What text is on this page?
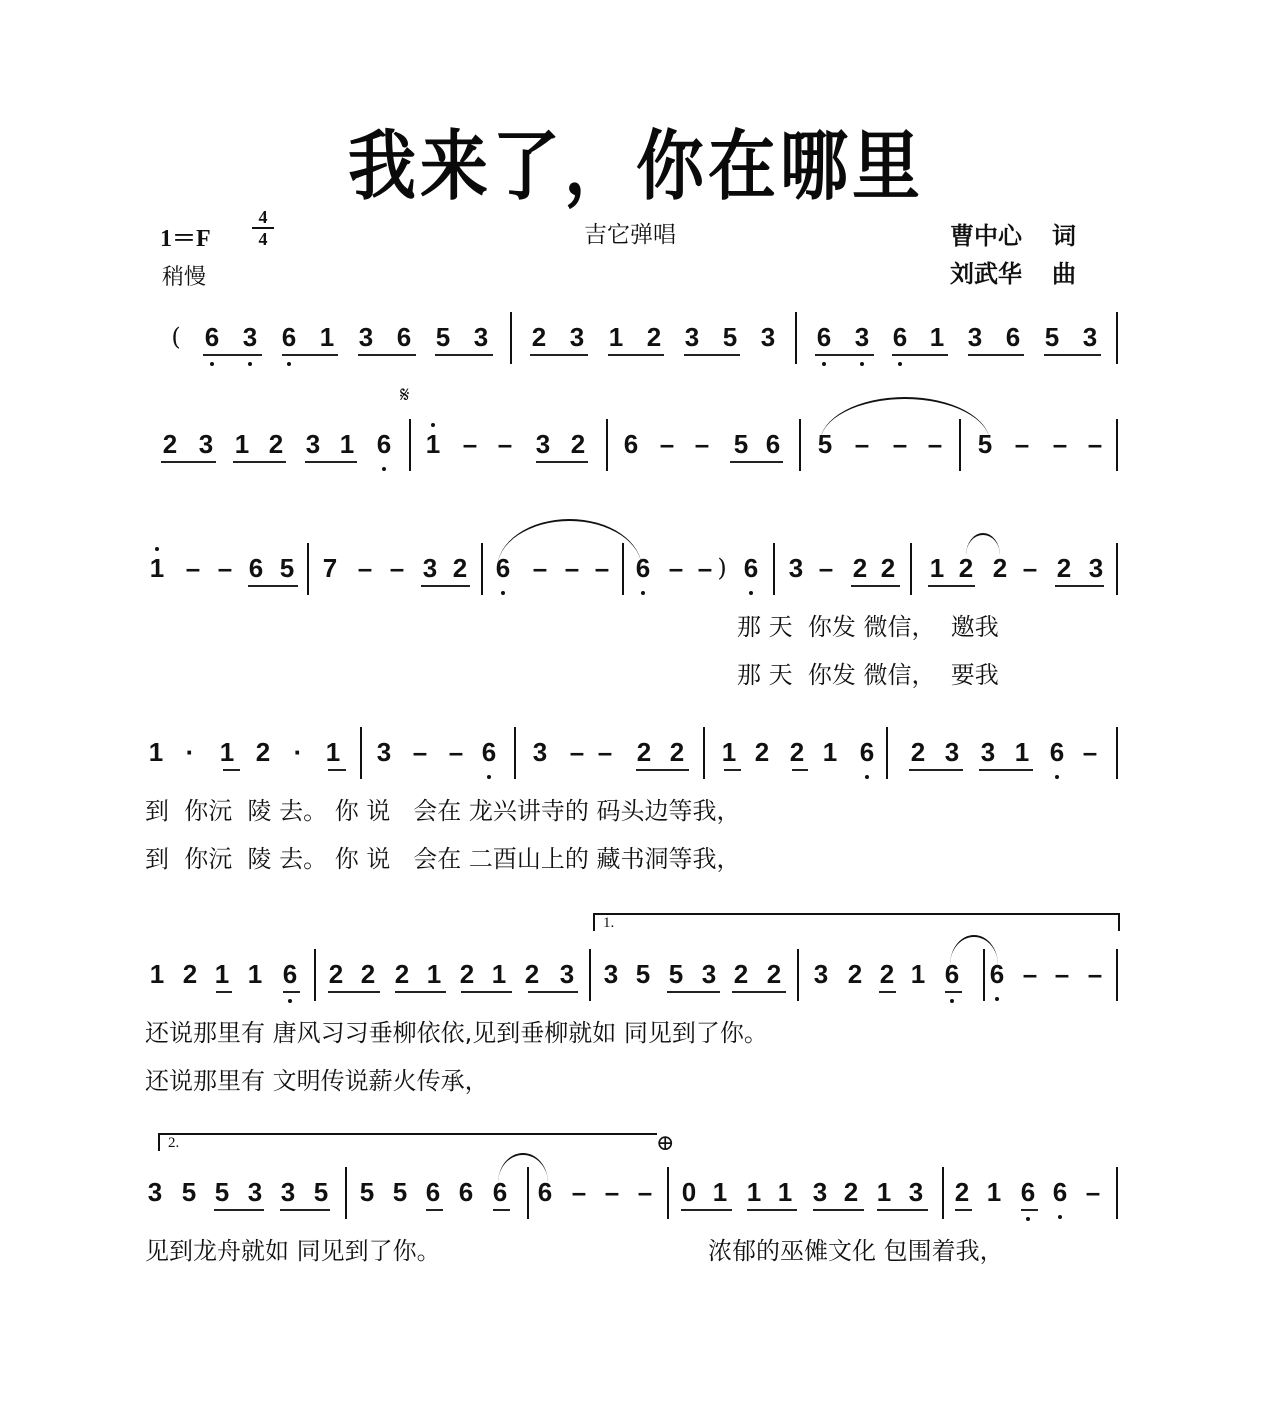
我来了，你在哪里
1＝F
4
4
稍慢
吉它弹唱	曹中心 词
刘武华 曲
( 6 3 6 1 3 6 5 3 2 3 1 2 3 5 3 6 3 6 1 3 6 5 3
2 3 1 2 3 1 6 1 – – 3 2 6 – – 5 6 5 – – – 5 – – –
𝄋
1 – – 6 5 7 – – 3 2 6 – – – 6 – – ) 6 3 – 2 2 1 2 2 – 2 3
那 天  你发 微信，  邀我
那 天  你发 微信，  要我
1 · 1 2 · 1 3 – – 6 3 – – 2 2 1 2 2 1 6 2 3 3 1 6 –
到  你沅  陵 去。 你 说   会在 龙兴讲寺的 码头边等我，
到  你沅  陵 去。 你 说   会在 二酉山上的 藏书洞等我，
1 2 1 1 6 2 2 2 1 2 1 2 3 3 5 5 3 2 2 3 2 2 1 6 6 – – –
1.
还说那里有 唐风习习垂柳依依,见到垂柳就如 同见到了你。
还说那里有 文明传说薪火传承，
3 5 5 3 3 5 5 5 6 6 6 6 – – – 0 1 1 1 3 2 1 3 2 1 6 6 –
⊕
2.
见到龙舟就如 同见到了你。	浓郁的巫傩文化 包围着我，
